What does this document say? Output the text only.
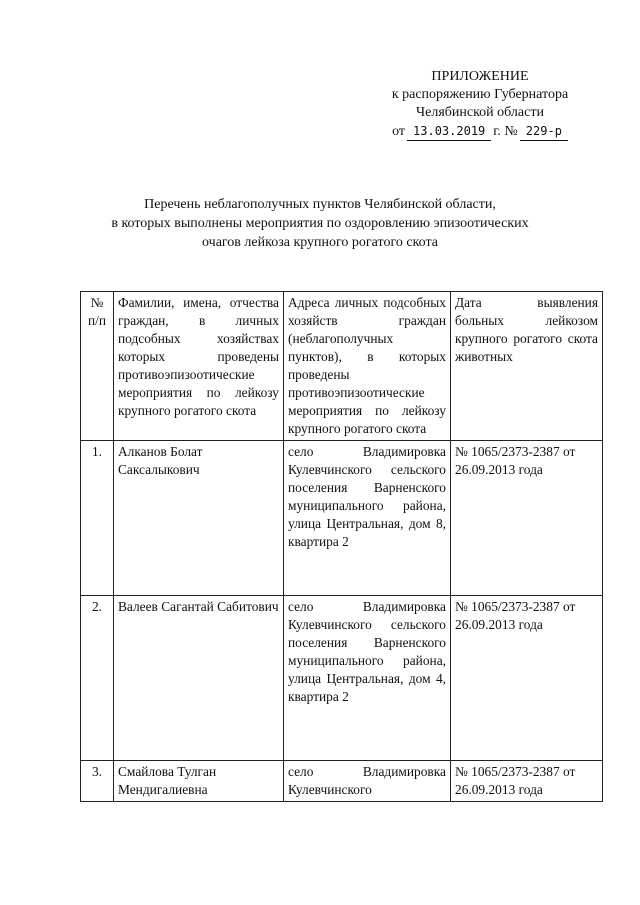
ПРИЛОЖЕНИЕ
к распоряжению Губернатора
Челябинской области
от 13.03.2019 г. № 229-р
Перечень неблагополучных пунктов Челябинской области,
в которых выполнены мероприятия по оздоровлению эпизоотических
очагов лейкоза крупного рогатого скота
№ п/п	Фамилии, имена, отчества граждан, в личных подсобных хозяйствах которых проведены противоэпизоотические мероприятия по лейкозу крупного рогатого скота	Адреса личных подсобных хозяйств граждан (неблагополучных пунктов), в которых проведены противоэпизоотические мероприятия по лейкозу крупного рогатого скота	Дата выявления больных лейкозом крупного рогатого скота животных
1.	Алканов Болат Саксалыкович	село Владимировка Кулевчинского сельского поселения Варненского муниципального района, улица Центральная, дом 8, квартира 2	№ 1065/2373-2387 от 26.09.2013 года
2.	Валеев Сагантай Сабитович	село Владимировка Кулевчинского сельского поселения Варненского муниципального района, улица Центральная, дом 4, квартира 2	№ 1065/2373-2387 от 26.09.2013 года
3.	Смайлова Тулган Мендигалиевна	село Владимировка Кулевчинского	№ 1065/2373-2387 от 26.09.2013 года
